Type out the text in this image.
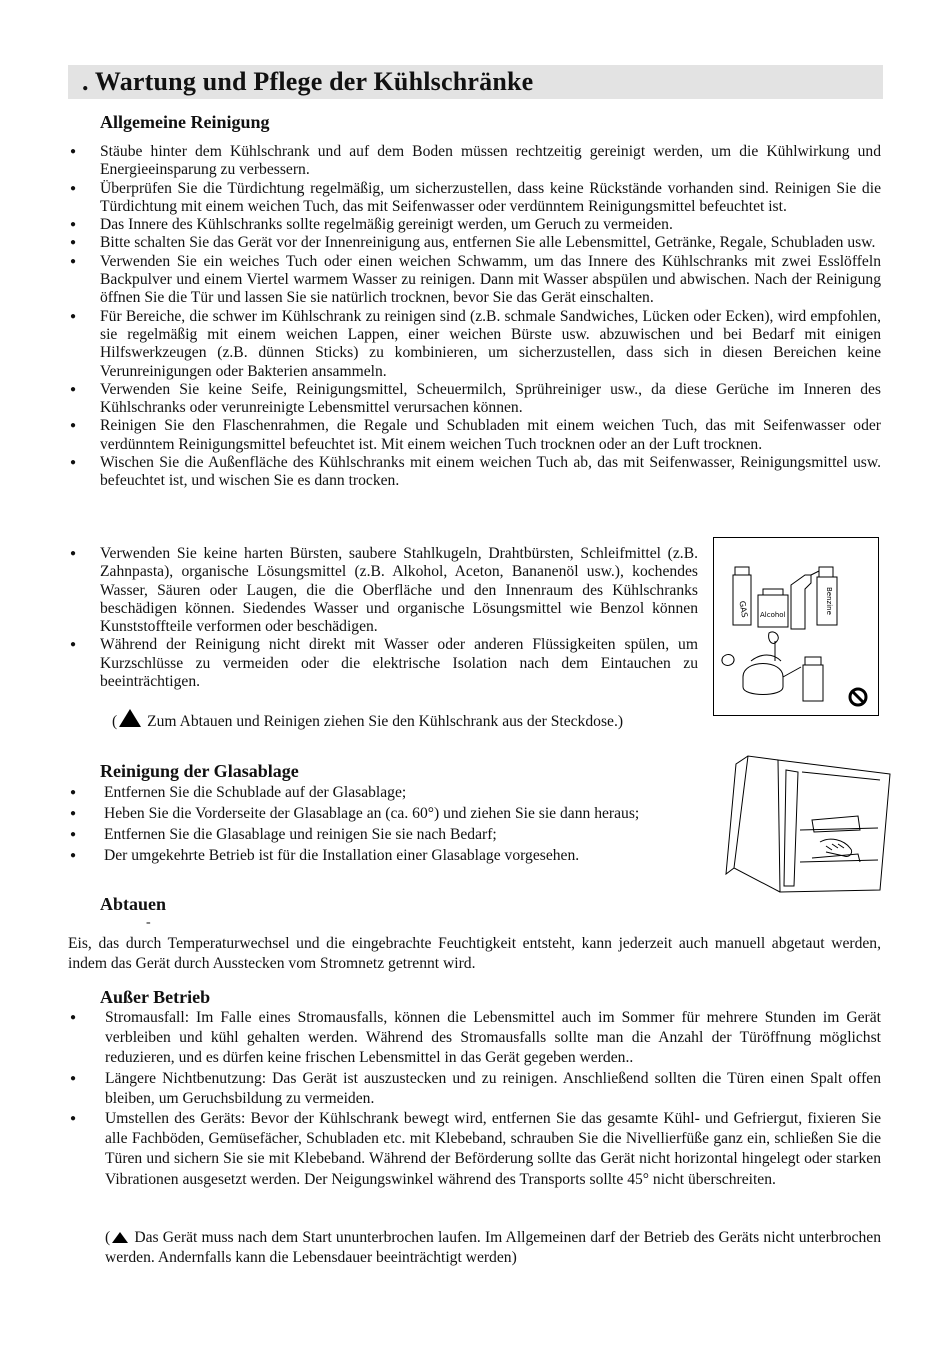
. Wartung und Pflege der Kühlschränke
Allgemeine Reinigung
● Stäube hinter dem Kühlschrank und auf dem Boden müssen rechtzeitig gereinigt werden, um die Kühlwirkung und Energieeinsparung zu verbessern.
● Überprüfen Sie die Türdichtung regelmäßig, um sicherzustellen, dass keine Rückstände vorhanden sind. Reinigen Sie die Türdichtung mit einem weichen Tuch, das mit Seifenwasser oder verdünntem Reinigungsmittel befeuchtet ist.
● Das Innere des Kühlschranks sollte regelmäßig gereinigt werden, um Geruch zu vermeiden.
● Bitte schalten Sie das Gerät vor der Innenreinigung aus, entfernen Sie alle Lebensmittel, Getränke, Regale, Schubladen usw.
● Verwenden Sie ein weiches Tuch oder einen weichen Schwamm, um das Innere des Kühlschranks mit zwei Esslöffeln Backpulver und einem Viertel warmem Wasser zu reinigen. Dann mit Wasser abspülen und abwischen. Nach der Reinigung öffnen Sie die Tür und lassen Sie sie natürlich trocknen, bevor Sie das Gerät einschalten.
● Für Bereiche, die schwer im Kühlschrank zu reinigen sind (z.B. schmale Sandwiches, Lücken oder Ecken), wird empfohlen, sie regelmäßig mit einem weichen Lappen, einer weichen Bürste usw. abzuwischen und bei Bedarf mit einigen Hilfswerkzeugen (z.B. dünnen Sticks) zu kombinieren, um sicherzustellen, dass sich in diesen Bereichen keine Verunreinigungen oder Bakterien ansammeln.
● Verwenden Sie keine Seife, Reinigungsmittel, Scheuermilch, Sprühreiniger usw., da diese Gerüche im Inneren des Kühlschranks oder verunreinigte Lebensmittel verursachen können.
● Reinigen Sie den Flaschenrahmen, die Regale und Schubladen mit einem weichen Tuch, das mit Seifenwasser oder verdünntem Reinigungsmittel befeuchtet ist. Mit einem weichen Tuch trocknen oder an der Luft trocknen.
● Wischen Sie die Außenfläche des Kühlschranks mit einem weichen Tuch ab, das mit Seifenwasser, Reinigungsmittel usw. befeuchtet ist, und wischen Sie es dann trocken.
● Verwenden Sie keine harten Bürsten, saubere Stahlkugeln, Drahtbürsten, Schleifmittel (z.B. Zahnpasta), organische Lösungsmittel (z.B. Alkohol, Aceton, Bananenöl usw.), kochendes Wasser, Säuren oder Laugen, die die Oberfläche und den Innenraum des Kühlschranks beschädigen können. Siedendes Wasser und organische Lösungsmittel wie Benzol können Kunststoffteile verformen oder beschädigen.
● Während der Reinigung nicht direkt mit Wasser oder anderen Flüssigkeiten spülen, um Kurzschlüsse zu vermeiden oder die elektrische Isolation nach dem Eintauchen zu beeinträchtigen.

( Zum Abtauen und Reinigen ziehen Sie den Kühlschrank aus der Steckdose.)

GAS Alcohol
Benzine
Reinigung der Glasablage
● Entfernen Sie die Schublade auf der Glasablage;
● Heben Sie die Vorderseite der Glasablage an (ca. 60°) und ziehen Sie sie dann heraus;
● Entfernen Sie die Glasablage und reinigen Sie sie nach Bedarf;
● Der umgekehrte Betrieb ist für die Installation einer Glasablage vorgesehen.
Abtauen

-

Eis, das durch Temperaturwechsel und die eingebrachte Feuchtigkeit entsteht, kann jederzeit auch manuell abgetaut werden, indem das Gerät durch Ausstecken vom Stromnetz getrennt wird.

Außer Betrieb
● Stromausfall: Im Falle eines Stromausfalls, können die Lebensmittel auch im Sommer für mehrere Stunden im Gerät verbleiben und kühl gehalten werden. Während des Stromausfalls sollte man die Anzahl der Türöffnung möglichst reduzieren, und es dürfen keine frischen Lebensmittel in das Gerät gegeben werden..
● Längere Nichtbenutzung: Das Gerät ist auszustecken und zu reinigen. Anschließend sollten die Türen einen Spalt offen bleiben, um Geruchsbildung zu vermeiden.
● Umstellen des Geräts: Bevor der Kühlschrank bewegt wird, entfernen Sie das gesamte Kühl- und Gefriergut, fixieren Sie alle Fachböden, Gemüsefächer, Schubladen etc. mit Klebeband, schrauben Sie die Nivellierfüße ganz ein, schließen Sie die Türen und sichern Sie sie mit Klebeband. Während der Beförderung sollte das Gerät nicht horizontal hingelegt oder starken Vibrationen ausgesetzt werden. Der Neigungswinkel während des Transports sollte 45° nicht überschreiten.

( Das Gerät muss nach dem Start ununterbrochen laufen. Im Allgemeinen darf der Betrieb des Geräts nicht unterbrochen werden. Andernfalls kann die Lebensdauer beeinträchtigt werden)
